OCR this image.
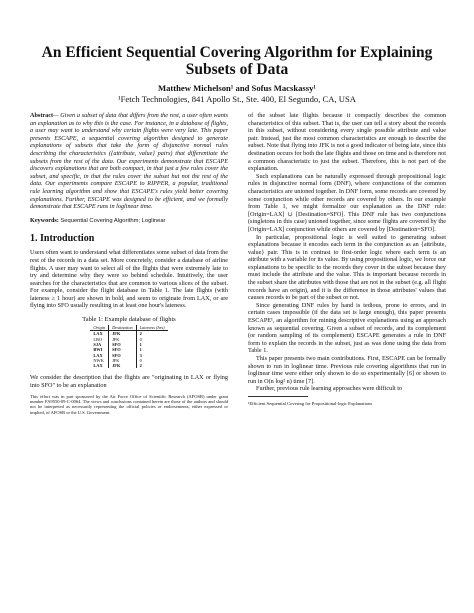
An Efficient Sequential Covering Algorithm for Explaining Subsets of Data
Matthew Michelson¹ and Sofus Macskassy¹
¹Fetch Technologies, 841 Apollo St., Ste. 400, El Segundo, CA, USA

Abstract— Given a subset of data that differs from the rest, a user often wants an explanation as to why this is the case. For instance, in a database of flights, a user may want to understand why certain flights were very late. This paper presents ESCAPE, a sequential covering algorithm designed to generate explanations of subsets that take the form of disjunctive normal rules describing the characteristics ({attribute, value} pairs) that differentiate the subsets from the rest of the data. Our experiments demonstrate that ESCAPE discovers explanations that are both compact, in that just a few rules cover the subset, and specific, in that the rules cover the subset but not the rest of the data. Our experiments compare ESCAPE to RIPPER, a popular, traditional rule learning algorithm and show that ESCAPE's rules yield better covering explanations. Further, ESCAPE was designed to be efficient, and we formally demonstrate that ESCAPE runs in loglinear time.

Keywords: Sequential Covering Algorithm; Loglinear

1. Introduction

Users often want to understand what differentiates some subset of data from the rest of the records in a data set. More concretely, consider a database of airline flights. A user may want to select all of the flights that were extremely late to try and determine why they were so behind schedule. Intuitively, the user searches for the characteristics that are common to various slices of the subset. For example, consider the flight database in Table 1. The late flights (with lateness ≥ 1 hour) are shown in bold, and seem to originate from LAX, or are flying into SFO usually resulting in at least one hour's lateness.

Table 1: Example database of flights
Origin	Destination	Lateness (hrs)
LAX	JFK	2
LBO	JFK	0
SJA	SFO	1
BWI	SFO	1
LAX	SFO	3
NWK	JFK	0
LAX	JFK	2

We consider the description that the flights are "originating in LAX or flying into SFO" to be an explanation

This effort was in part sponsored by the Air Force Office of Scientific Research (AFOSR) under grant number FA9550-09-C-0064. The views and conclusions contained herein are those of the authors and should not be interpreted as necessarily representing the official policies or endorsements, either expressed or implied, of AFOSR or the U.S. Government.

of the subset late flights because it compactly describes the common characteristics of this subset. That is, the user can tell a story about the records in this subset, without considering every single possible attribute and value pair. Instead, just the most common characteristics are enough to describe the subset. Note that flying into JFK is not a good indicator of being late, since this destination occurs for both the late flights and those on time and is therefore not a common characteristic to just the subset. Therefore, this is not part of the explanation.

Such explanations can be naturally expressed through propositional logic rules in disjunctive normal form (DNF), where conjunctions of the common characteristics are unioned together. In DNF form, some records are covered by some conjunction while other records are covered by others. In our example from Table 1, we might formalize our explanation as the DNF rule: [Origin=LAX] ∪ [Destination=SFO]. This DNF rule has two conjunctions (singletons in this case) unioned together, since some flights are covered by the [Origin=LAX] conjunction while others are covered by [Destination=SFO].

In particular, propositional logic is well suited to generating subset explanations because it encodes each term in the conjunction as an {attribute, value} pair. This is in contrast to first-order logic where each term is an attribute with a variable for its value. By using propositional logic, we force our explanations to be specific to the records they cover in the subset because they must include the attribute and the value. This is important because records in the subset share the attributes with those that are not in the subset (e.g. all flight records have an origin), and it is the difference in those attributes' values that causes records to be part of the subset or not.

Since generating DNF rules by hand is tedious, prone to errors, and in certain cases impossible (if the data set is large enough), this paper presents ESCAPE¹, an algorithm for mining descriptive explanations using an approach known as sequential covering. Given a subset of records, and its complement (or random sampling of its complement) ESCAPE generates a rule in DNF form to explain the records in the subset, just as was done using the data from Table 1.

This paper presents two main contributions. First, ESCAPE can be formally shown to run in loglinear time. Previous rule covering algorithms that run in loglinear time were either only shown to do so experimentally [6] or shown to run in O(n log² n) time [7].

Further, previous rule learning approaches were difficult to

¹Efficient Sequential Covering for Propositional-logic Explanations
